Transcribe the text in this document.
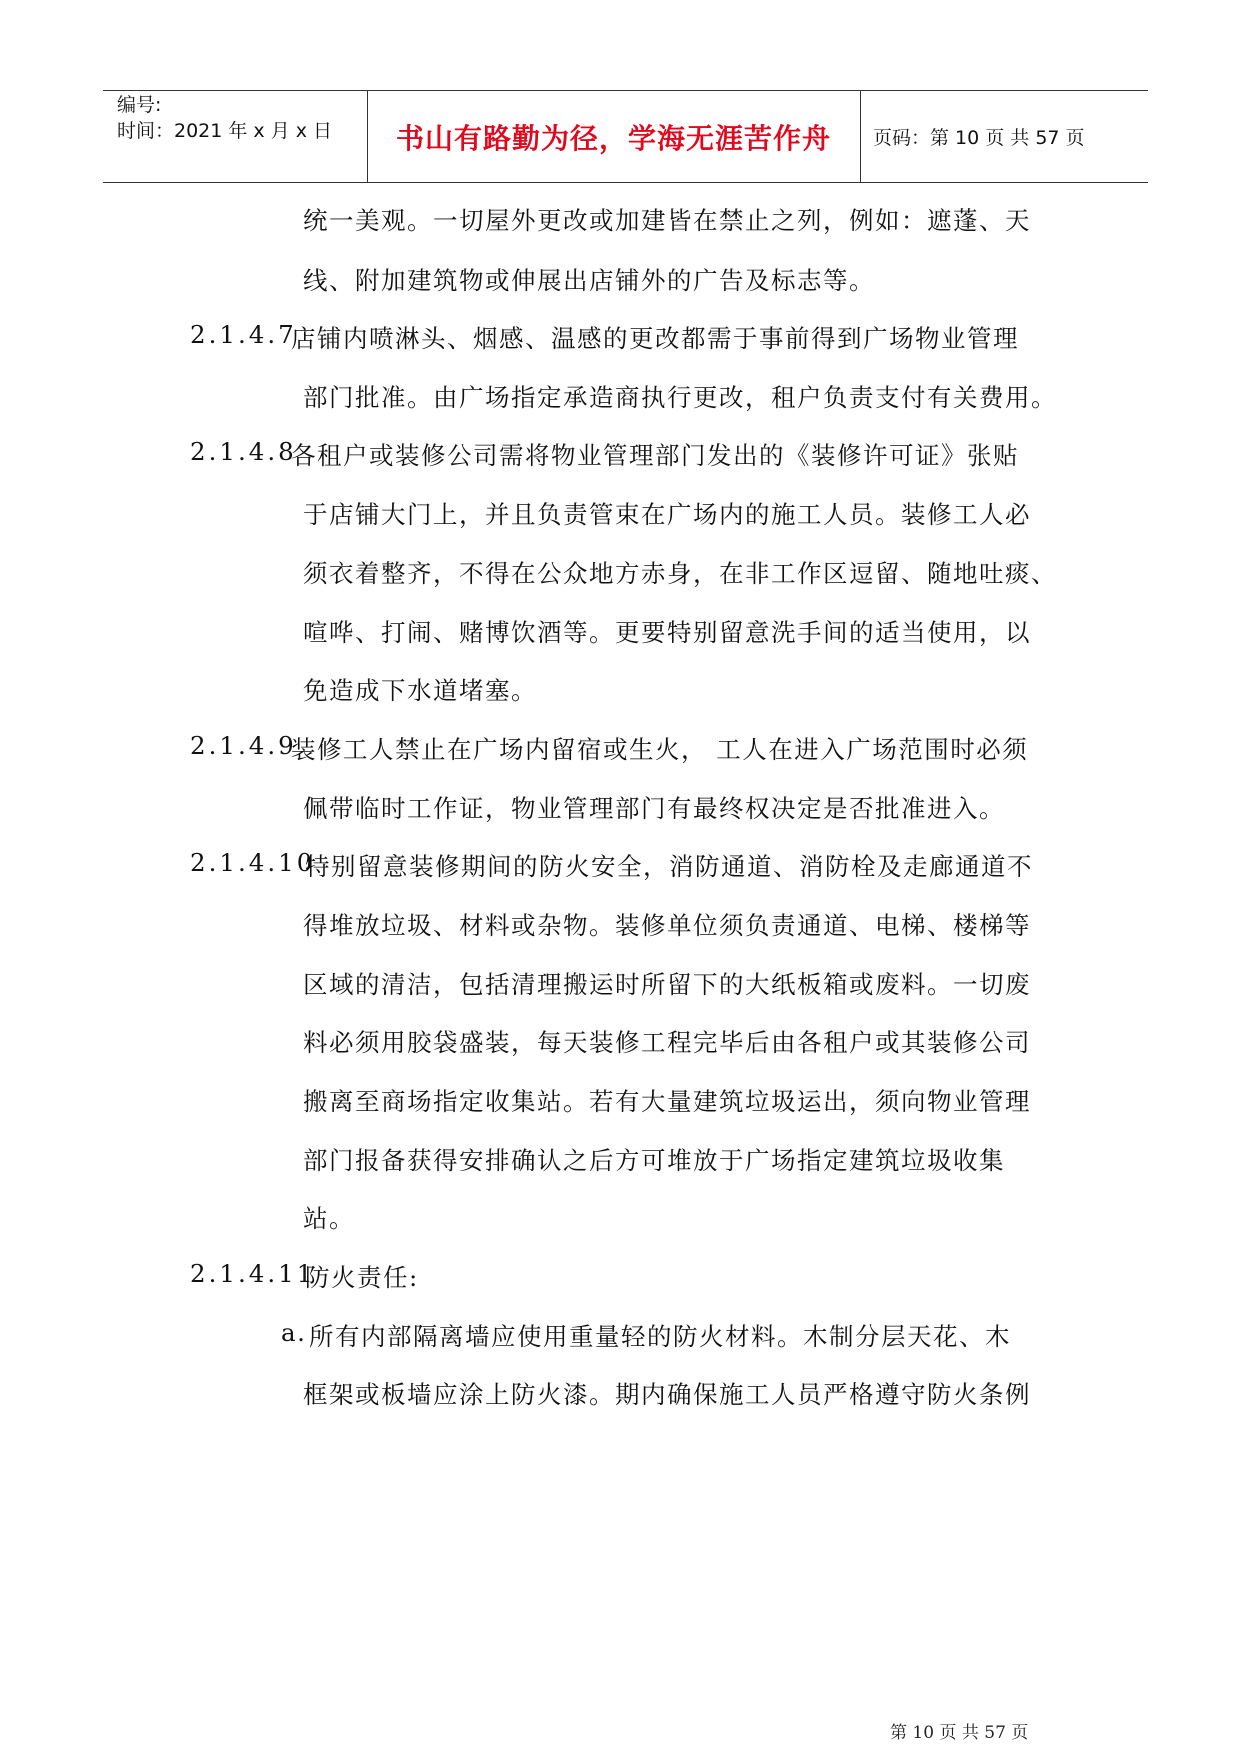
编号:
时间：2021 年 x 月 x 日	书山有路勤为径，学海无涯苦作舟	页码：第 10 页 共 57 页
统一美观。一切屋外更改或加建皆在禁止之列，例如：遮蓬、天
线、附加建筑物或伸展出店铺外的广告及标志等。
2.1.4.7
店铺内喷淋头、烟感、温感的更改都需于事前得到广场物业管理
部门批准。由广场指定承造商执行更改，租户负责支付有关费用。
2.1.4.8
各租户或装修公司需将物业管理部门发出的《装修许可证》张贴
于店铺大门上，并且负责管束在广场内的施工人员。装修工人必
须衣着整齐，不得在公众地方赤身，在非工作区逗留、随地吐痰、
喧哗、打闹、赌博饮酒等。更要特别留意洗手间的适当使用，以
免造成下水道堵塞。
2.1.4.9
装修工人禁止在广场内留宿或生火， 工人在进入广场范围时必须
佩带临时工作证，物业管理部门有最终权决定是否批准进入。
2.1.4.10
特别留意装修期间的防火安全，消防通道、消防栓及走廊通道不
得堆放垃圾、材料或杂物。装修单位须负责通道、电梯、楼梯等
区域的清洁，包括清理搬运时所留下的大纸板箱或废料。一切废
料必须用胶袋盛装，每天装修工程完毕后由各租户或其装修公司
搬离至商场指定收集站。若有大量建筑垃圾运出，须向物业管理
部门报备获得安排确认之后方可堆放于广场指定建筑垃圾收集
站。
2.1.4.11
防火责任:
a. 所有内部隔离墙应使用重量轻的防火材料。木制分层天花、木
框架或板墙应涂上防火漆。期内确保施工人员严格遵守防火条例
第 10 页 共 57 页
